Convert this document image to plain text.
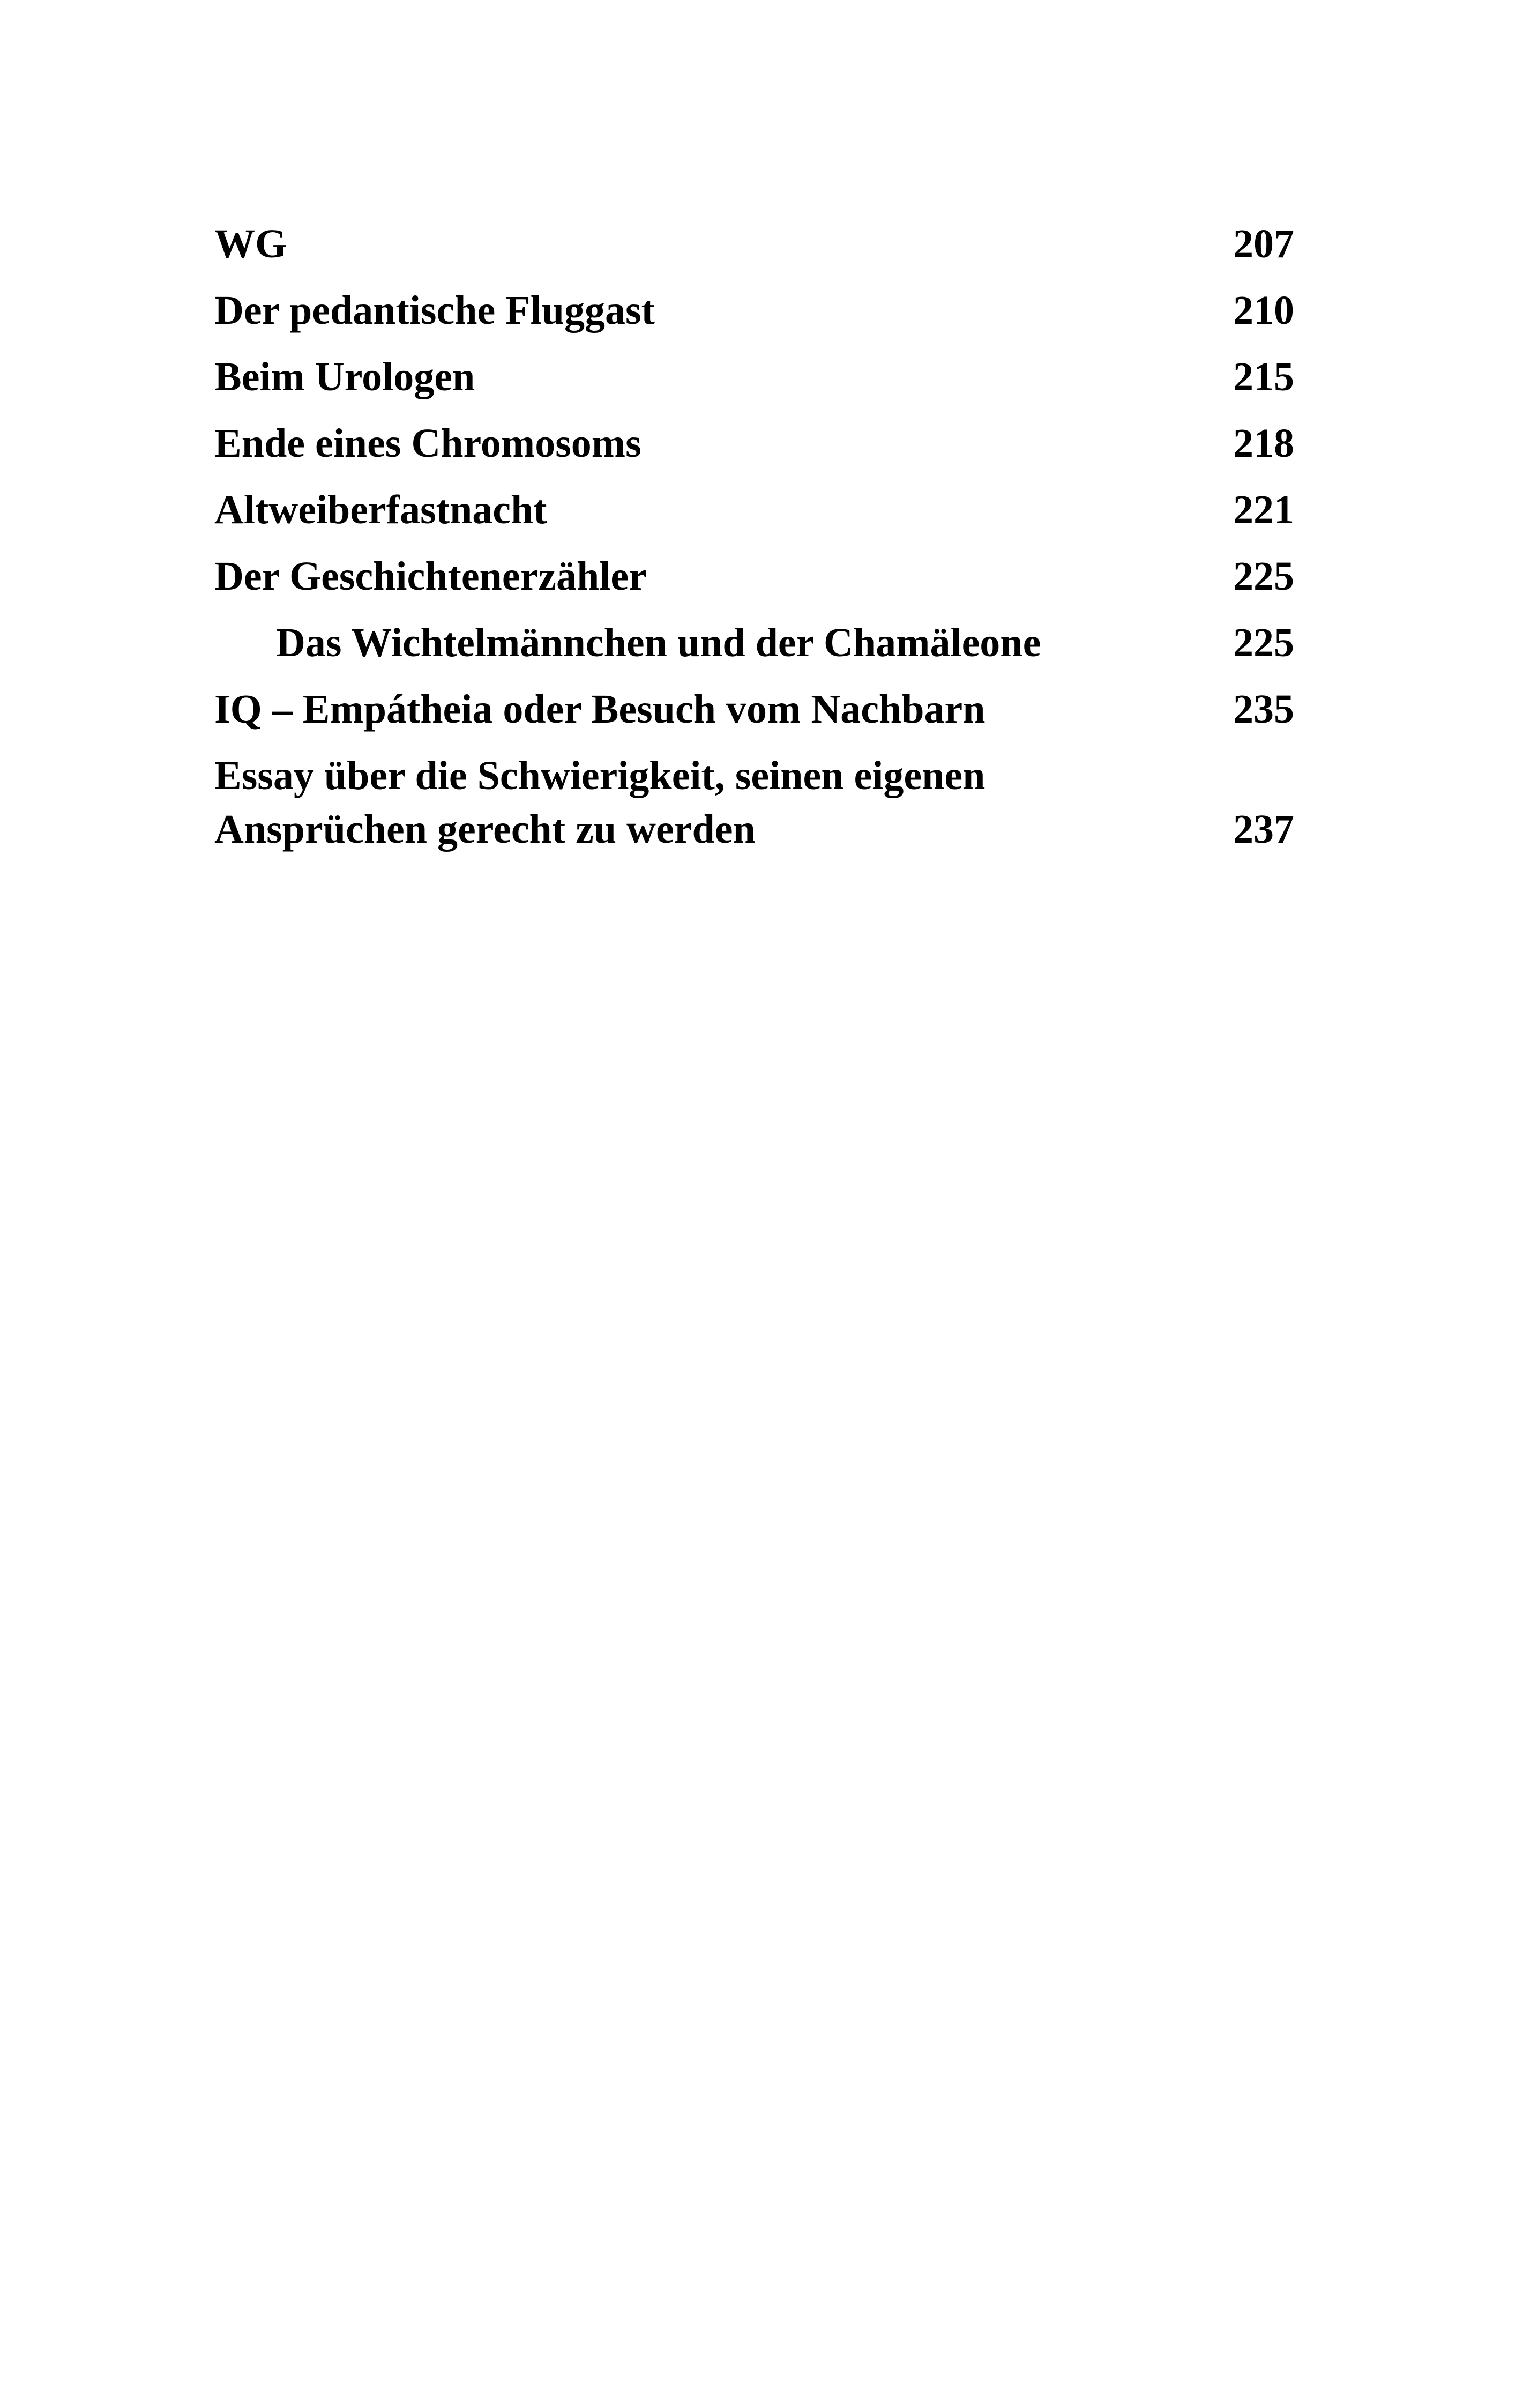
WG	207
Der pedantische Fluggast	210
Beim Urologen	215
Ende eines Chromosoms	218
Altweiberfastnacht	221
Der Geschichtenerzähler	225
Das Wichtelmännchen und der Chamäleone	225
IQ – Empátheia oder Besuch vom Nachbarn	235
Essay über die Schwierigkeit, seinen eigenen
Ansprüchen gerecht zu werden	237
